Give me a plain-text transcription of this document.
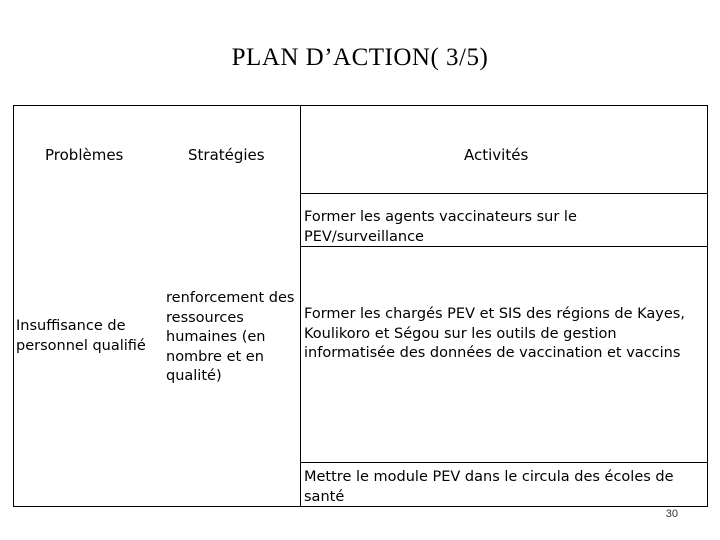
PLAN D’ACTION( 3/5)
Problèmes	Stratégies	Activités
Insuffisance de personnel qualifié
renforcement des ressources humaines (en nombre et en qualité)
Former les agents vaccinateurs sur le PEV/surveillance
Former les chargés PEV et SIS des régions de Kayes, Koulikoro et Ségou sur les outils de gestion informatisée des données de vaccination et vaccins
Mettre le module PEV dans le circula des écoles de santé
30
